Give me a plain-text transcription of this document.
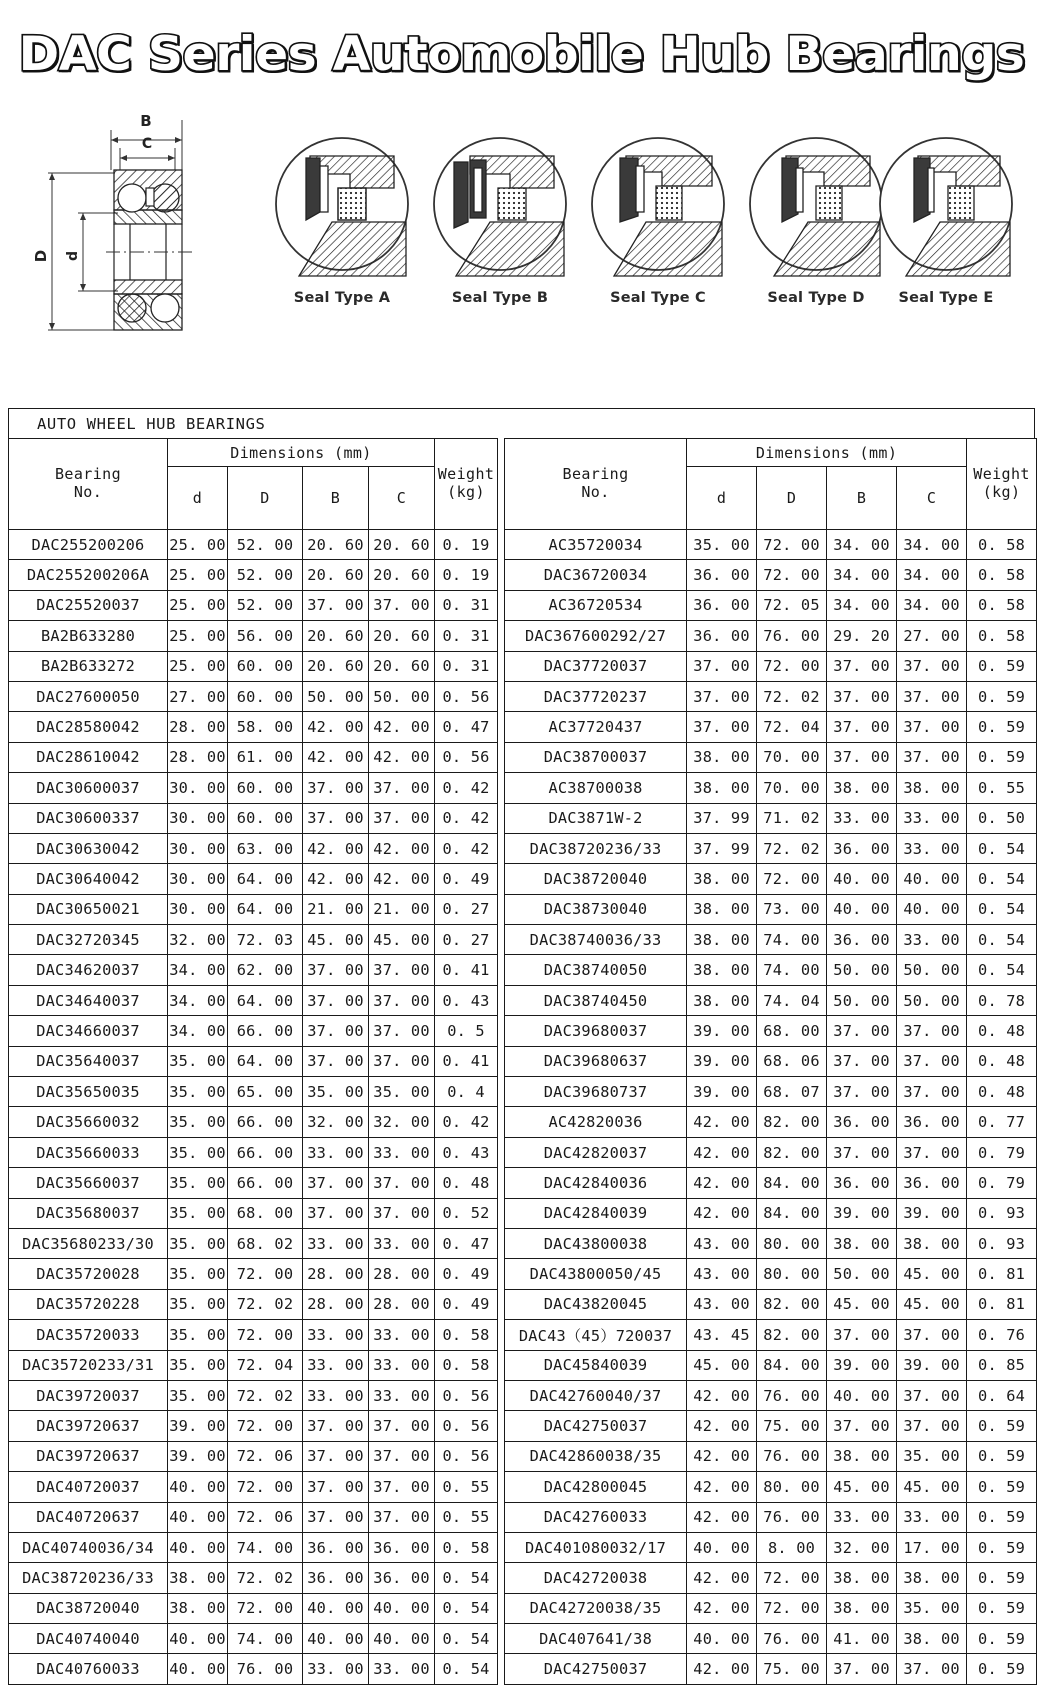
DAC Series Automobile Hub Bearings
B
C
D d
Seal Type A	Seal Type B	Seal Type C	Seal Type D	Seal Type E
AUTO WHEEL HUB BEARINGS
Bearing
No.
	Dimensions (mm)	
Weight
(kg)

	d	D	B	C	
DAC255200206	25. 00	52. 00	20. 60	20. 60	0. 19
DAC255200206A	25. 00	52. 00	20. 60	20. 60	0. 19
DAC25520037	25. 00	52. 00	37. 00	37. 00	0. 31
BA2B633280	25. 00	56. 00	20. 60	20. 60	0. 31
BA2B633272	25. 00	60. 00	20. 60	20. 60	0. 31
DAC27600050	27. 00	60. 00	50. 00	50. 00	0. 56
DAC28580042	28. 00	58. 00	42. 00	42. 00	0. 47
DAC28610042	28. 00	61. 00	42. 00	42. 00	0. 56
DAC30600037	30. 00	60. 00	37. 00	37. 00	0. 42
DAC30600337	30. 00	60. 00	37. 00	37. 00	0. 42
DAC30630042	30. 00	63. 00	42. 00	42. 00	0. 42
DAC30640042	30. 00	64. 00	42. 00	42. 00	0. 49
DAC30650021	30. 00	64. 00	21. 00	21. 00	0. 27
DAC32720345	32. 00	72. 03	45. 00	45. 00	0. 27
DAC34620037	34. 00	62. 00	37. 00	37. 00	0. 41
DAC34640037	34. 00	64. 00	37. 00	37. 00	0. 43
DAC34660037	34. 00	66. 00	37. 00	37. 00	0. 5
DAC35640037	35. 00	64. 00	37. 00	37. 00	0. 41
DAC35650035	35. 00	65. 00	35. 00	35. 00	0. 4
DAC35660032	35. 00	66. 00	32. 00	32. 00	0. 42
DAC35660033	35. 00	66. 00	33. 00	33. 00	0. 43
DAC35660037	35. 00	66. 00	37. 00	37. 00	0. 48
DAC35680037	35. 00	68. 00	37. 00	37. 00	0. 52
DAC35680233/30	35. 00	68. 02	33. 00	33. 00	0. 47
DAC35720028	35. 00	72. 00	28. 00	28. 00	0. 49
DAC35720228	35. 00	72. 02	28. 00	28. 00	0. 49
DAC35720033	35. 00	72. 00	33. 00	33. 00	0. 58
DAC35720233/31	35. 00	72. 04	33. 00	33. 00	0. 58
DAC39720037	35. 00	72. 02	33. 00	33. 00	0. 56
DAC39720637	39. 00	72. 00	37. 00	37. 00	0. 56
DAC39720637	39. 00	72. 06	37. 00	37. 00	0. 56
DAC40720037	40. 00	72. 00	37. 00	37. 00	0. 55
DAC40720637	40. 00	72. 06	37. 00	37. 00	0. 55
DAC40740036/34	40. 00	74. 00	36. 00	36. 00	0. 58
DAC38720236/33	38. 00	72. 02	36. 00	36. 00	0. 54
DAC38720040	38. 00	72. 00	40. 00	40. 00	0. 54
DAC40740040	40. 00	74. 00	40. 00	40. 00	0. 54
DAC40760033	40. 00	76. 00	33. 00	33. 00	0. 54
Bearing
No.
	Dimensions (mm)	
Weight
(kg)

	d	D	B	C	
AC35720034	35. 00	72. 00	34. 00	34. 00	0. 58
DAC36720034	36. 00	72. 00	34. 00	34. 00	0. 58
AC36720534	36. 00	72. 05	34. 00	34. 00	0. 58
DAC367600292/27	36. 00	76. 00	29. 20	27. 00	0. 58
DAC37720037	37. 00	72. 00	37. 00	37. 00	0. 59
DAC37720237	37. 00	72. 02	37. 00	37. 00	0. 59
AC37720437	37. 00	72. 04	37. 00	37. 00	0. 59
DAC38700037	38. 00	70. 00	37. 00	37. 00	0. 59
AC38700038	38. 00	70. 00	38. 00	38. 00	0. 55
DAC3871W-2	37. 99	71. 02	33. 00	33. 00	0. 50
DAC38720236/33	37. 99	72. 02	36. 00	33. 00	0. 54
DAC38720040	38. 00	72. 00	40. 00	40. 00	0. 54
DAC38730040	38. 00	73. 00	40. 00	40. 00	0. 54
DAC38740036/33	38. 00	74. 00	36. 00	33. 00	0. 54
DAC38740050	38. 00	74. 00	50. 00	50. 00	0. 54
DAC38740450	38. 00	74. 04	50. 00	50. 00	0. 78
DAC39680037	39. 00	68. 00	37. 00	37. 00	0. 48
DAC39680637	39. 00	68. 06	37. 00	37. 00	0. 48
DAC39680737	39. 00	68. 07	37. 00	37. 00	0. 48
AC42820036	42. 00	82. 00	36. 00	36. 00	0. 77
DAC42820037	42. 00	82. 00	37. 00	37. 00	0. 79
DAC42840036	42. 00	84. 00	36. 00	36. 00	0. 79
DAC42840039	42. 00	84. 00	39. 00	39. 00	0. 93
DAC43800038	43. 00	80. 00	38. 00	38. 00	0. 93
DAC43800050/45	43. 00	80. 00	50. 00	45. 00	0. 81
DAC43820045	43. 00	82. 00	45. 00	45. 00	0. 81
DAC43（45）720037	43. 45	82. 00	37. 00	37. 00	0. 76
DAC45840039	45. 00	84. 00	39. 00	39. 00	0. 85
DAC42760040/37	42. 00	76. 00	40. 00	37. 00	0. 64
DAC42750037	42. 00	75. 00	37. 00	37. 00	0. 59
DAC42860038/35	42. 00	76. 00	38. 00	35. 00	0. 59
DAC42800045	42. 00	80. 00	45. 00	45. 00	0. 59
DAC42760033	42. 00	76. 00	33. 00	33. 00	0. 59
DAC401080032/17	40. 00	8. 00	32. 00	17. 00	0. 59
DAC42720038	42. 00	72. 00	38. 00	38. 00	0. 59
DAC42720038/35	42. 00	72. 00	38. 00	35. 00	0. 59
DAC407641/38	40. 00	76. 00	41. 00	38. 00	0. 59
DAC42750037	42. 00	75. 00	37. 00	37. 00	0. 59
